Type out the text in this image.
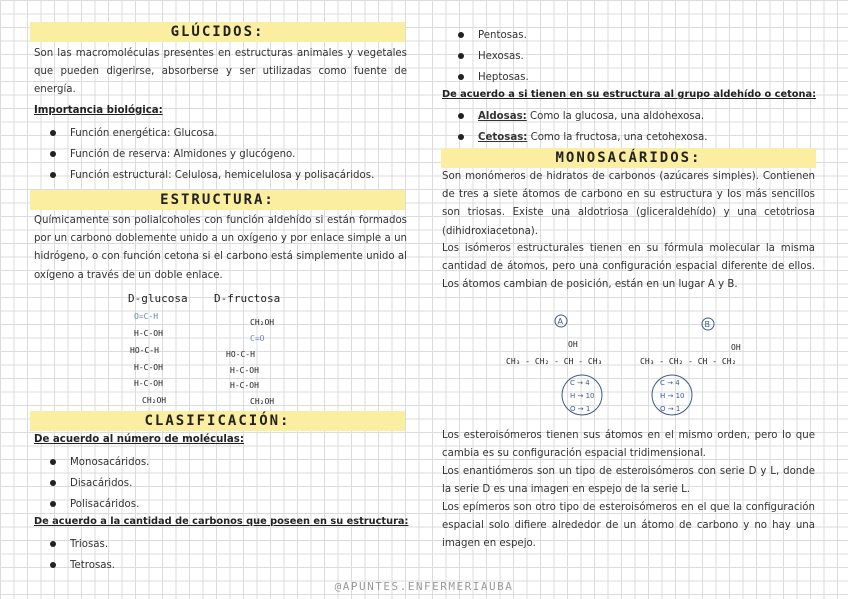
GLÚCIDOS:
Son las macromoléculas presentes en estructuras animales y vegetales que pueden digerirse, absorberse y ser utilizadas como fuente de energía.
Importancia biológica:
Función energética: Glucosa.
Función de reserva: Almidones y glucógeno.
Función estructural: Celulosa, hemicelulosa y polisacáridos.
ESTRUCTURA:
Químicamente son polialcoholes con función aldehído si están formados por un carbono doblemente unido a un oxígeno y por enlace simple a un hidrógeno, o con función cetona si el carbono está simplemente unido al oxígeno a través de un doble enlace.
D-glucosa D-fructosa
O=C-H
H-C-OH
HO-C-H
H-C-OH
H-C-OH
CH₂OH
CH₂OH
C=O
HO-C-H
H-C-OH
H-C-OH
CH₂OH
CLASIFICACIÓN:
De acuerdo al número de moléculas:
Monosacáridos.
Disacáridos.
Polisacáridos.
De acuerdo a la cantidad de carbonos que poseen en su estructura:
Triosas.
Tetrosas.
Pentosas.
Hexosas.
Heptosas.
De acuerdo a si tienen en su estructura al grupo aldehído o cetona:
Aldosas: Como la glucosa, una aldohexosa.
Cetosas: Como la fructosa, una cetohexosa.
MONOSACÁRIDOS:
Son monómeros de hidratos de carbonos (azúcares simples). Contienen de tres a siete átomos de carbono en su estructura y los más sencillos son triosas. Existe una aldotriosa (gliceraldehído) y una cetotriosa (dihidroxiacetona).
Los isómeros estructurales tienen en su fórmula molecular la misma cantidad de átomos, pero una configuración espacial diferente de ellos. Los átomos cambian de posición, están en un lugar A y B.
A	B
OH
CH₃ - CH₂ - CH - CH₃
OH
CH₃ - CH₂ - CH - CH₂
C → 4
H → 10
O → 1
C → 4
H → 10
O → 1
Los esteroisómeros tienen sus átomos en el mismo orden, pero lo que cambia es su configuración espacial tridimensional.
Los enantiómeros son un tipo de esteroisómeros con serie D y L, donde la serie D es una imagen en espejo de la serie L.
Los epímeros son otro tipo de esteroisómeros en el que la configuración espacial solo difiere alrededor de un átomo de carbono y no hay una imagen en espejo.
@APUNTES.ENFERMERIAUBA
